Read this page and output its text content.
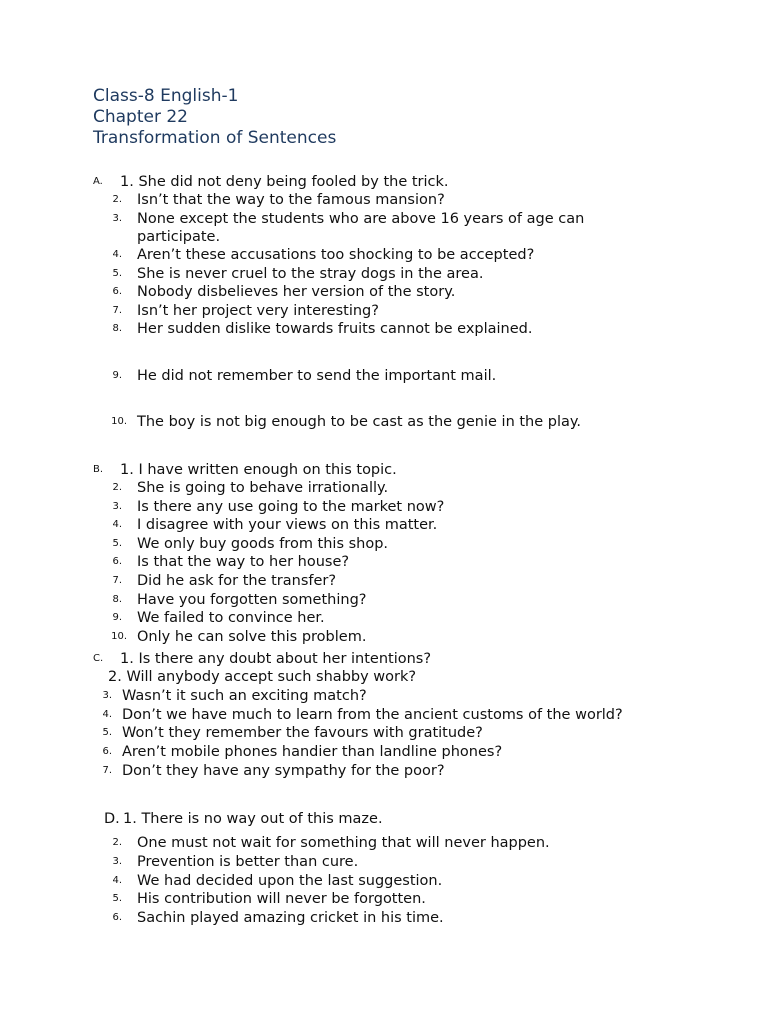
Class-8 English-1
Chapter 22
Transformation of Sentences
A. 1. She did not deny being fooled by the trick.
2. Isn’t that the way to the famous mansion?
3. None except the students who are above 16 years of age can participate.
4. Aren’t these accusations too shocking to be accepted?
5. She is never cruel to the stray dogs in the area.
6. Nobody disbelieves her version of the story.
7. Isn’t her project very interesting?
8. Her sudden dislike towards fruits cannot be explained.
9. He did not remember to send the important mail.
10. The boy is not big enough to be cast as the genie in the play.
B. 1. I have written enough on this topic.
2. She is going to behave irrationally.
3. Is there any use going to the market now?
4. I disagree with your views on this matter.
5. We only buy goods from this shop.
6. Is that the way to her house?
7. Did he ask for the transfer?
8. Have you forgotten something?
9. We failed to convince her.
10. Only he can solve this problem.
C. 1. Is there any doubt about her intentions?
2. Will anybody accept such shabby work?
3. Wasn’t it such an exciting match?
4. Don’t we have much to learn from the ancient customs of the world?
5. Won’t they remember the favours with gratitude?
6. Aren’t mobile phones handier than landline phones?
7. Don’t they have any sympathy for the poor?
D. 1. There is no way out of this maze.
2. One must not wait for something that will never happen.
3. Prevention is better than cure.
4. We had decided upon the last suggestion.
5. His contribution will never be forgotten.
6. Sachin played amazing cricket in his time.
